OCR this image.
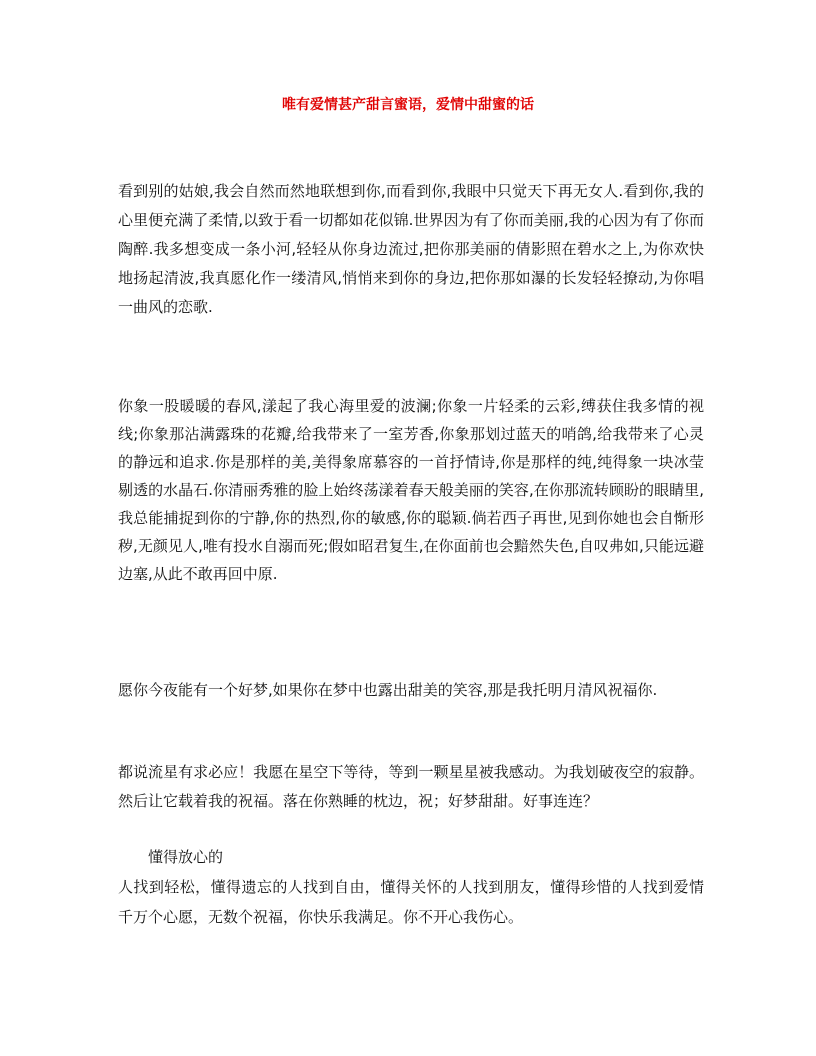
唯有爱情甚产甜言蜜语，爱情中甜蜜的话

看到别的姑娘,我会自然而然地联想到你,而看到你,我眼中只觉天下再无女人.看到你,我的心里便充满了柔情,以致于看一切都如花似锦.世界因为有了你而美丽,我的心因为有了你而陶醉.我多想变成一条小河,轻轻从你身边流过,把你那美丽的倩影照在碧水之上,为你欢快地扬起清波,我真愿化作一缕清风,悄悄来到你的身边,把你那如瀑的长发轻轻撩动,为你唱一曲风的恋歌.

你象一股暖暖的春风,漾起了我心海里爱的波澜;你象一片轻柔的云彩,缚获住我多情的视线;你象那沾满露珠的花瓣,给我带来了一室芳香,你象那划过蓝天的哨鸽,给我带来了心灵的静远和追求.你是那样的美,美得象席慕容的一首抒情诗,你是那样的纯,纯得象一块冰莹剔透的水晶石.你清丽秀雅的脸上始终荡漾着春天般美丽的笑容,在你那流转顾盼的眼睛里,我总能捕捉到你的宁静,你的热烈,你的敏感,你的聪颖.倘若西子再世,见到你她也会自惭形秽,无颜见人,唯有投水自溺而死;假如昭君复生,在你面前也会黯然失色,自叹弗如,只能远避边塞,从此不敢再回中原.

愿你今夜能有一个好梦,如果你在梦中也露出甜美的笑容,那是我托明月清风祝福你.

都说流星有求必应！我愿在星空下等待，等到一颗星星被我感动。为我划破夜空的寂静。然后让它载着我的祝福。落在你熟睡的枕边，祝；好梦甜甜。好事连连？

懂得放心的
人找到轻松，懂得遗忘的人找到自由，懂得关怀的人找到朋友，懂得珍惜的人找到爱情 千万个心愿，无数个祝福，你快乐我满足。你不开心我伤心。
